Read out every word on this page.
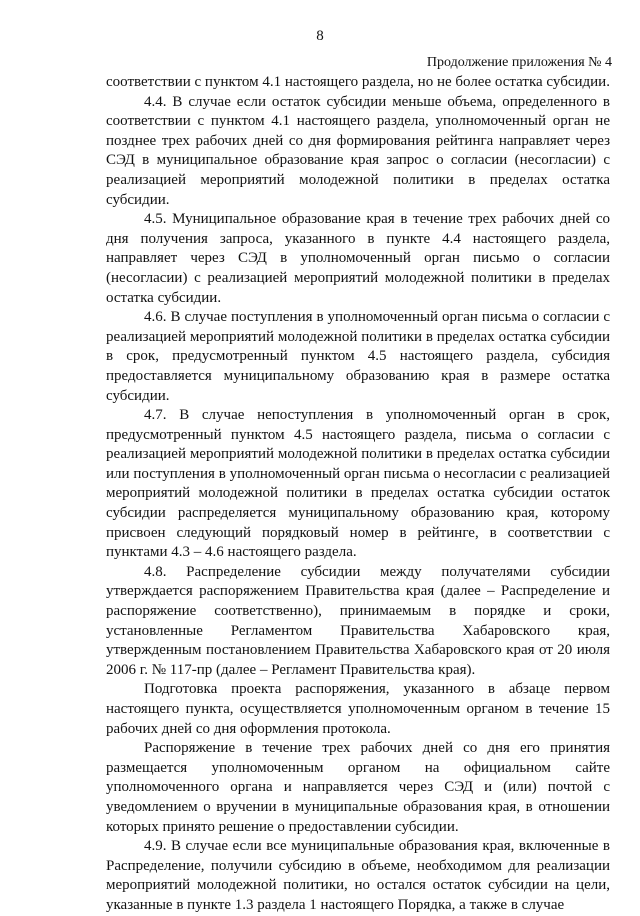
8
Продолжение приложения № 4

соответствии с пунктом 4.1 настоящего раздела, но не более остатка субсидии.

4.4. В случае если остаток субсидии меньше объема, определенного в соответствии с пунктом 4.1 настоящего раздела, уполномоченный орган не позднее трех рабочих дней со дня формирования рейтинга направляет через СЭД в муниципальное образование края запрос о согласии (несогласии) с реализацией мероприятий молодежной политики в пределах остатка субсидии.

4.5. Муниципальное образование края в течение трех рабочих дней со дня получения запроса, указанного в пункте 4.4 настоящего раздела, направляет через СЭД в уполномоченный орган письмо о согласии (несогласии) с реализацией мероприятий молодежной политики в пределах остатка субсидии.

4.6. В случае поступления в уполномоченный орган письма о согласии с реализацией мероприятий молодежной политики в пределах остатка субсидии в срок, предусмотренный пунктом 4.5 настоящего раздела, субсидия предоставляется муниципальному образованию края в размере остатка субсидии.

4.7. В случае непоступления в уполномоченный орган в срок, предусмотренный пунктом 4.5 настоящего раздела, письма о согласии с реализацией мероприятий молодежной политики в пределах остатка субсидии или поступления в уполномоченный орган письма о несогласии с реализацией мероприятий молодежной политики в пределах остатка субсидии остаток субсидии распределяется муниципальному образованию края, которому присвоен следующий порядковый номер в рейтинге, в соответствии с пунктами 4.3 – 4.6 настоящего раздела.

4.8. Распределение субсидии между получателями субсидии утверждается распоряжением Правительства края (далее – Распределение и распоряжение соответственно), принимаемым в порядке и сроки, установленные Регламентом Правительства Хабаровского края, утвержденным постановлением Правительства Хабаровского края от 20 июля 2006 г. № 117-пр (далее – Регламент Правительства края).

Подготовка проекта распоряжения, указанного в абзаце первом настоящего пункта, осуществляется уполномоченным органом в течение 15 рабочих дней со дня оформления протокола.

Распоряжение в течение трех рабочих дней со дня его принятия размещается уполномоченным органом на официальном сайте уполномоченного органа и направляется через СЭД и (или) почтой с уведомлением о вручении в муниципальные образования края, в отношении которых принято решение о предоставлении субсидии.

4.9. В случае если все муниципальные образования края, включенные в Распределение, получили субсидию в объеме, необходимом для реализации мероприятий молодежной политики, но остался остаток субсидии на цели, указанные в пункте 1.3 раздела 1 настоящего Порядка, а также в случае
